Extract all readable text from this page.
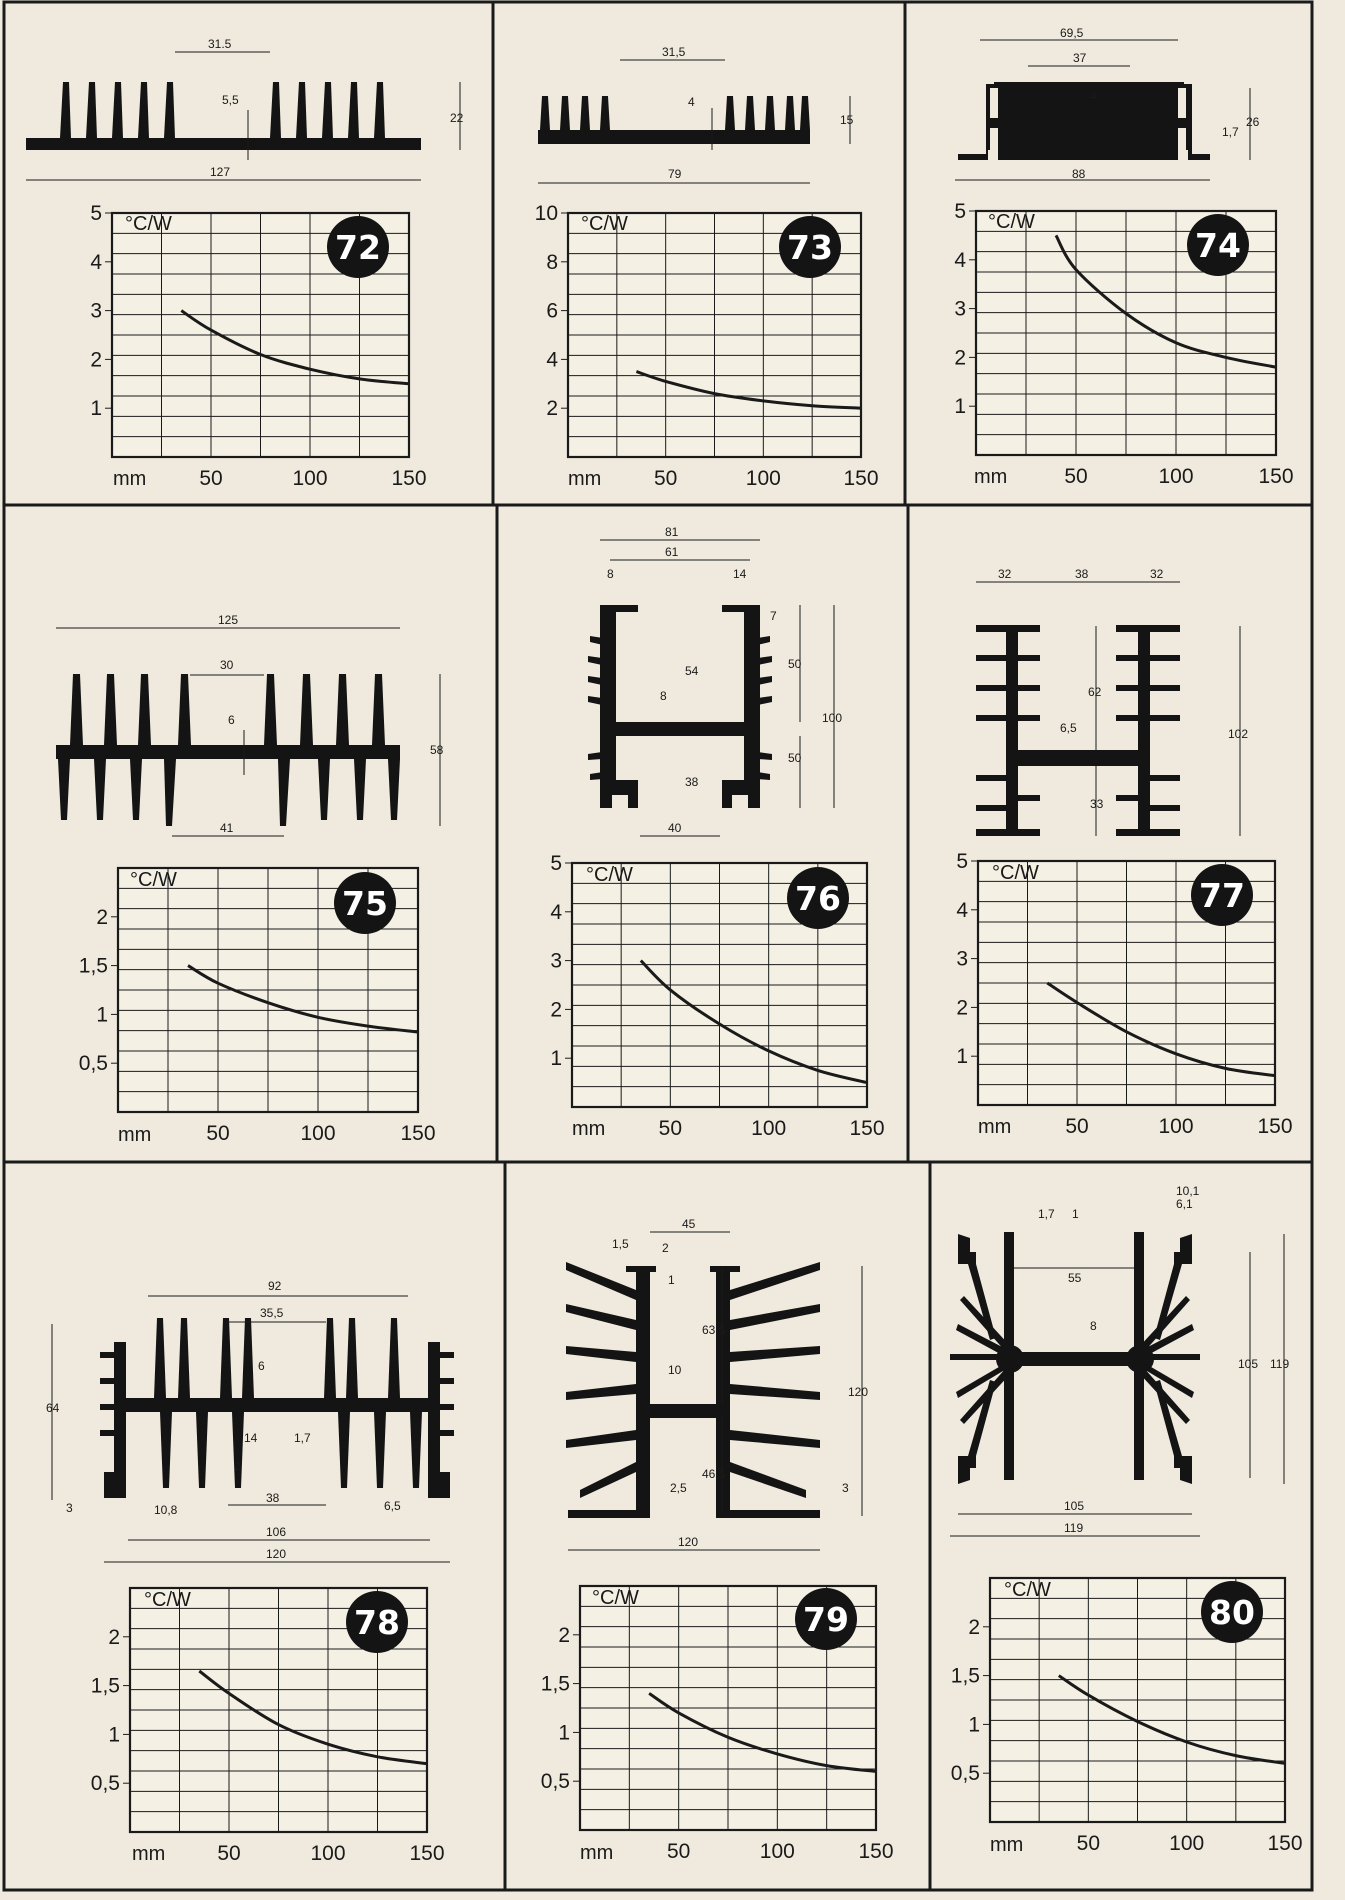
31.5
5,5
22
127
31,5
4
15
79
69,5
37
4
26
1,7
88
125
30
6
58
41
81
61
8	14
7
54	50
8
100
50
38
40
32	38	32
62
6,5	102
33
92
35,5
64
6
14	1,7
2
38
3	10,8	6,5
106
120
45
1,5	2
1
63,5
10
120
46,5
2,5	3
120
10,1
6,1
1,7 1
55
8
105 119
105
119
1
2
3
4
5
50	100	150
°C/W
mm
72
2
4
6
8
10
50	100	150
°C/W
mm
73
1
2
3
4
5
50	100	150
°C/W
mm
74
0,5
1
1,5
2
50	100	150
°C/W
mm
75
1
2
3
4
5
50	100	150
°C/W
mm
76
1
2
3
4
5
50	100	150
°C/W
mm
77
0,5
1
1,5
2
50	100	150
°C/W
mm
78
0,5
1
1,5
2
50	100	150
°C/W
mm
79
0,5
1
1,5
2
50	100	150
°C/W
mm
80
